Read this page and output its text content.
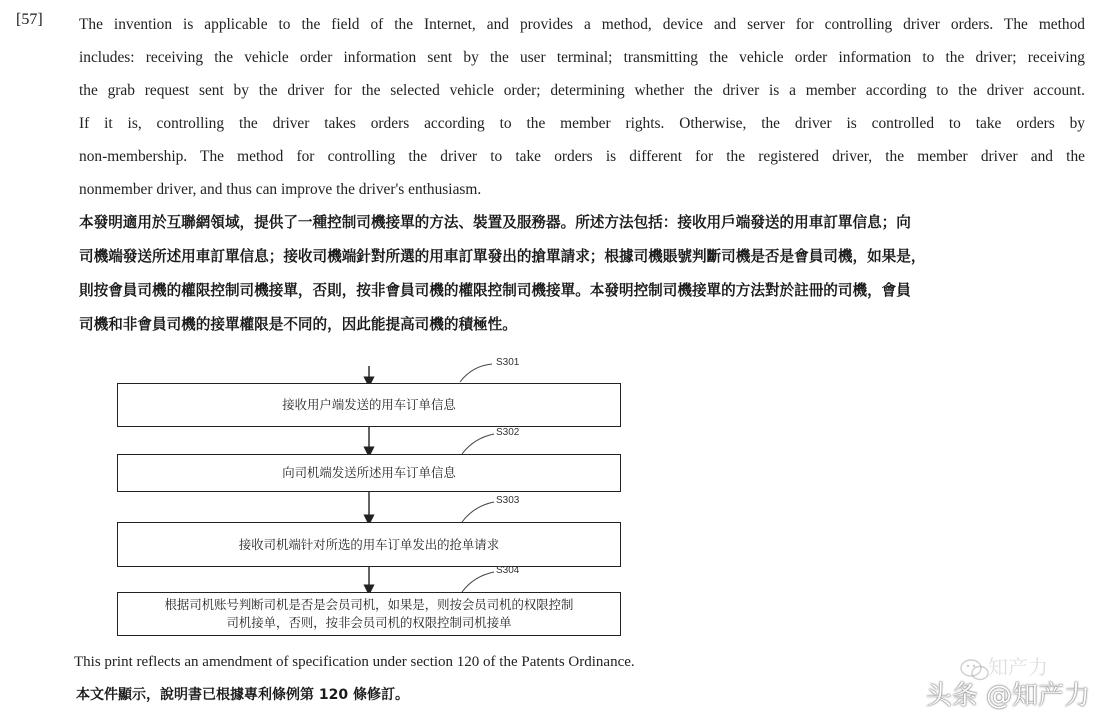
[57] The invention is applicable to the field of the Internet, and provides a method, device and server for controlling driver orders. The method
includes: receiving the vehicle order information sent by the user terminal; transmitting the vehicle order information to the driver; receiving
the grab request sent by the driver for the selected vehicle order; determining whether the driver is a member according to the driver account.
If it is, controlling the driver takes orders according to the member rights. Otherwise, the driver is controlled to take orders by
non-membership. The method for controlling the driver to take orders is different for the registered driver, the member driver and the
nonmember driver, and thus can improve the driver's enthusiasm.
本發明適用於互聯網領域，提供了一種控制司機接單的方法、裝置及服務器。所述方法包括：接收用戶端發送的用車訂單信息；向
司機端發送所述用車訂單信息；接收司機端針對所選的用車訂單發出的搶單請求；根據司機賬號判斷司機是否是會員司機，如果是，
則按會員司機的權限控制司機接單，否則，按非會員司機的權限控制司機接單。本發明控制司機接單的方法對於註冊的司機，會員
司機和非會員司機的接單權限是不同的，因此能提高司機的積極性。
S301
接收用户端发送的用车订单信息
S302
向司机端发送所述用车订单信息
S303
接收司机端针对所选的用车订单发出的抢单请求
S304
根据司机账号判断司机是否是会员司机，如果是，则按会员司机的权限控制司机接单，否则，按非会员司机的权限控制司机接单
This print reflects an amendment of specification under section 120 of the Patents Ordinance.
本文件顯示，說明書已根據專利條例第 120 條修訂。
知产力
头条 @知产力
